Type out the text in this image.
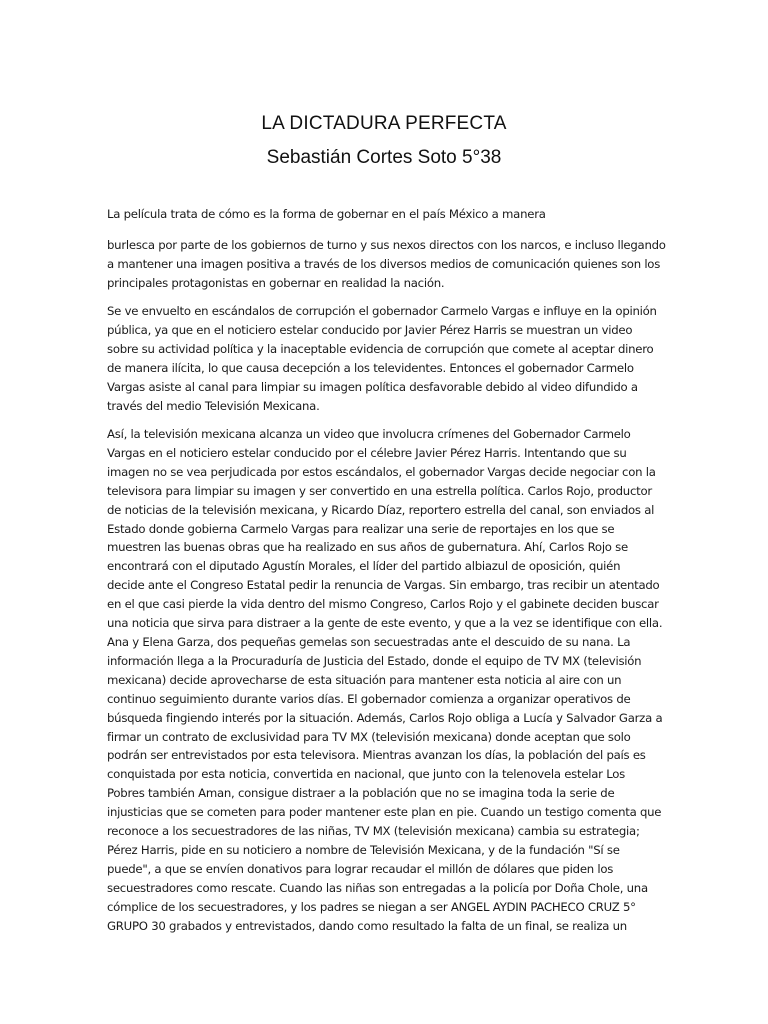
LA DICTADURA PERFECTA
Sebastián Cortes Soto 5°38

La película trata de cómo es la forma de gobernar en el país México a manera

burlesca por parte de los gobiernos de turno y sus nexos directos con los narcos, e incluso llegando
a mantener una imagen positiva a través de los diversos medios de comunicación quienes son los
principales protagonistas en gobernar en realidad la nación.

Se ve envuelto en escándalos de corrupción el gobernador Carmelo Vargas e influye en la opinión
pública, ya que en el noticiero estelar conducido por Javier Pérez Harris se muestran un video
sobre su actividad política y la inaceptable evidencia de corrupción que comete al aceptar dinero
de manera ilícita, lo que causa decepción a los televidentes. Entonces el gobernador Carmelo
Vargas asiste al canal para limpiar su imagen política desfavorable debido al video difundido a
través del medio Televisión Mexicana.

Así, la televisión mexicana alcanza un video que involucra crímenes del Gobernador Carmelo
Vargas en el noticiero estelar conducido por el célebre Javier Pérez Harris. Intentando que su
imagen no se vea perjudicada por estos escándalos, el gobernador Vargas decide negociar con la
televisora para limpiar su imagen y ser convertido en una estrella política. Carlos Rojo, productor
de noticias de la televisión mexicana, y Ricardo Díaz, reportero estrella del canal, son enviados al
Estado donde gobierna Carmelo Vargas para realizar una serie de reportajes en los que se
muestren las buenas obras que ha realizado en sus años de gubernatura. Ahí, Carlos Rojo se
encontrará con el diputado Agustín Morales, el líder del partido albiazul de oposición, quién
decide ante el Congreso Estatal pedir la renuncia de Vargas. Sin embargo, tras recibir un atentado
en el que casi pierde la vida dentro del mismo Congreso, Carlos Rojo y el gabinete deciden buscar
una noticia que sirva para distraer a la gente de este evento, y que a la vez se identifique con ella.
Ana y Elena Garza, dos pequeñas gemelas son secuestradas ante el descuido de su nana. La
información llega a la Procuraduría de Justicia del Estado, donde el equipo de TV MX (televisión
mexicana) decide aprovecharse de esta situación para mantener esta noticia al aire con un
continuo seguimiento durante varios días. El gobernador comienza a organizar operativos de
búsqueda fingiendo interés por la situación. Además, Carlos Rojo obliga a Lucía y Salvador Garza a
firmar un contrato de exclusividad para TV MX (televisión mexicana) donde aceptan que solo
podrán ser entrevistados por esta televisora. Mientras avanzan los días, la población del país es
conquistada por esta noticia, convertida en nacional, que junto con la telenovela estelar Los
Pobres también Aman, consigue distraer a la población que no se imagina toda la serie de
injusticias que se cometen para poder mantener este plan en pie. Cuando un testigo comenta que
reconoce a los secuestradores de las niñas, TV MX (televisión mexicana) cambia su estrategia;
Pérez Harris, pide en su noticiero a nombre de Televisión Mexicana, y de la fundación "Sí se
puede", a que se envíen donativos para lograr recaudar el millón de dólares que piden los
secuestradores como rescate. Cuando las niñas son entregadas a la policía por Doña Chole, una
cómplice de los secuestradores, y los padres se niegan a ser ANGEL AYDIN PACHECO CRUZ 5°
GRUPO 30 grabados y entrevistados, dando como resultado la falta de un final, se realiza un
